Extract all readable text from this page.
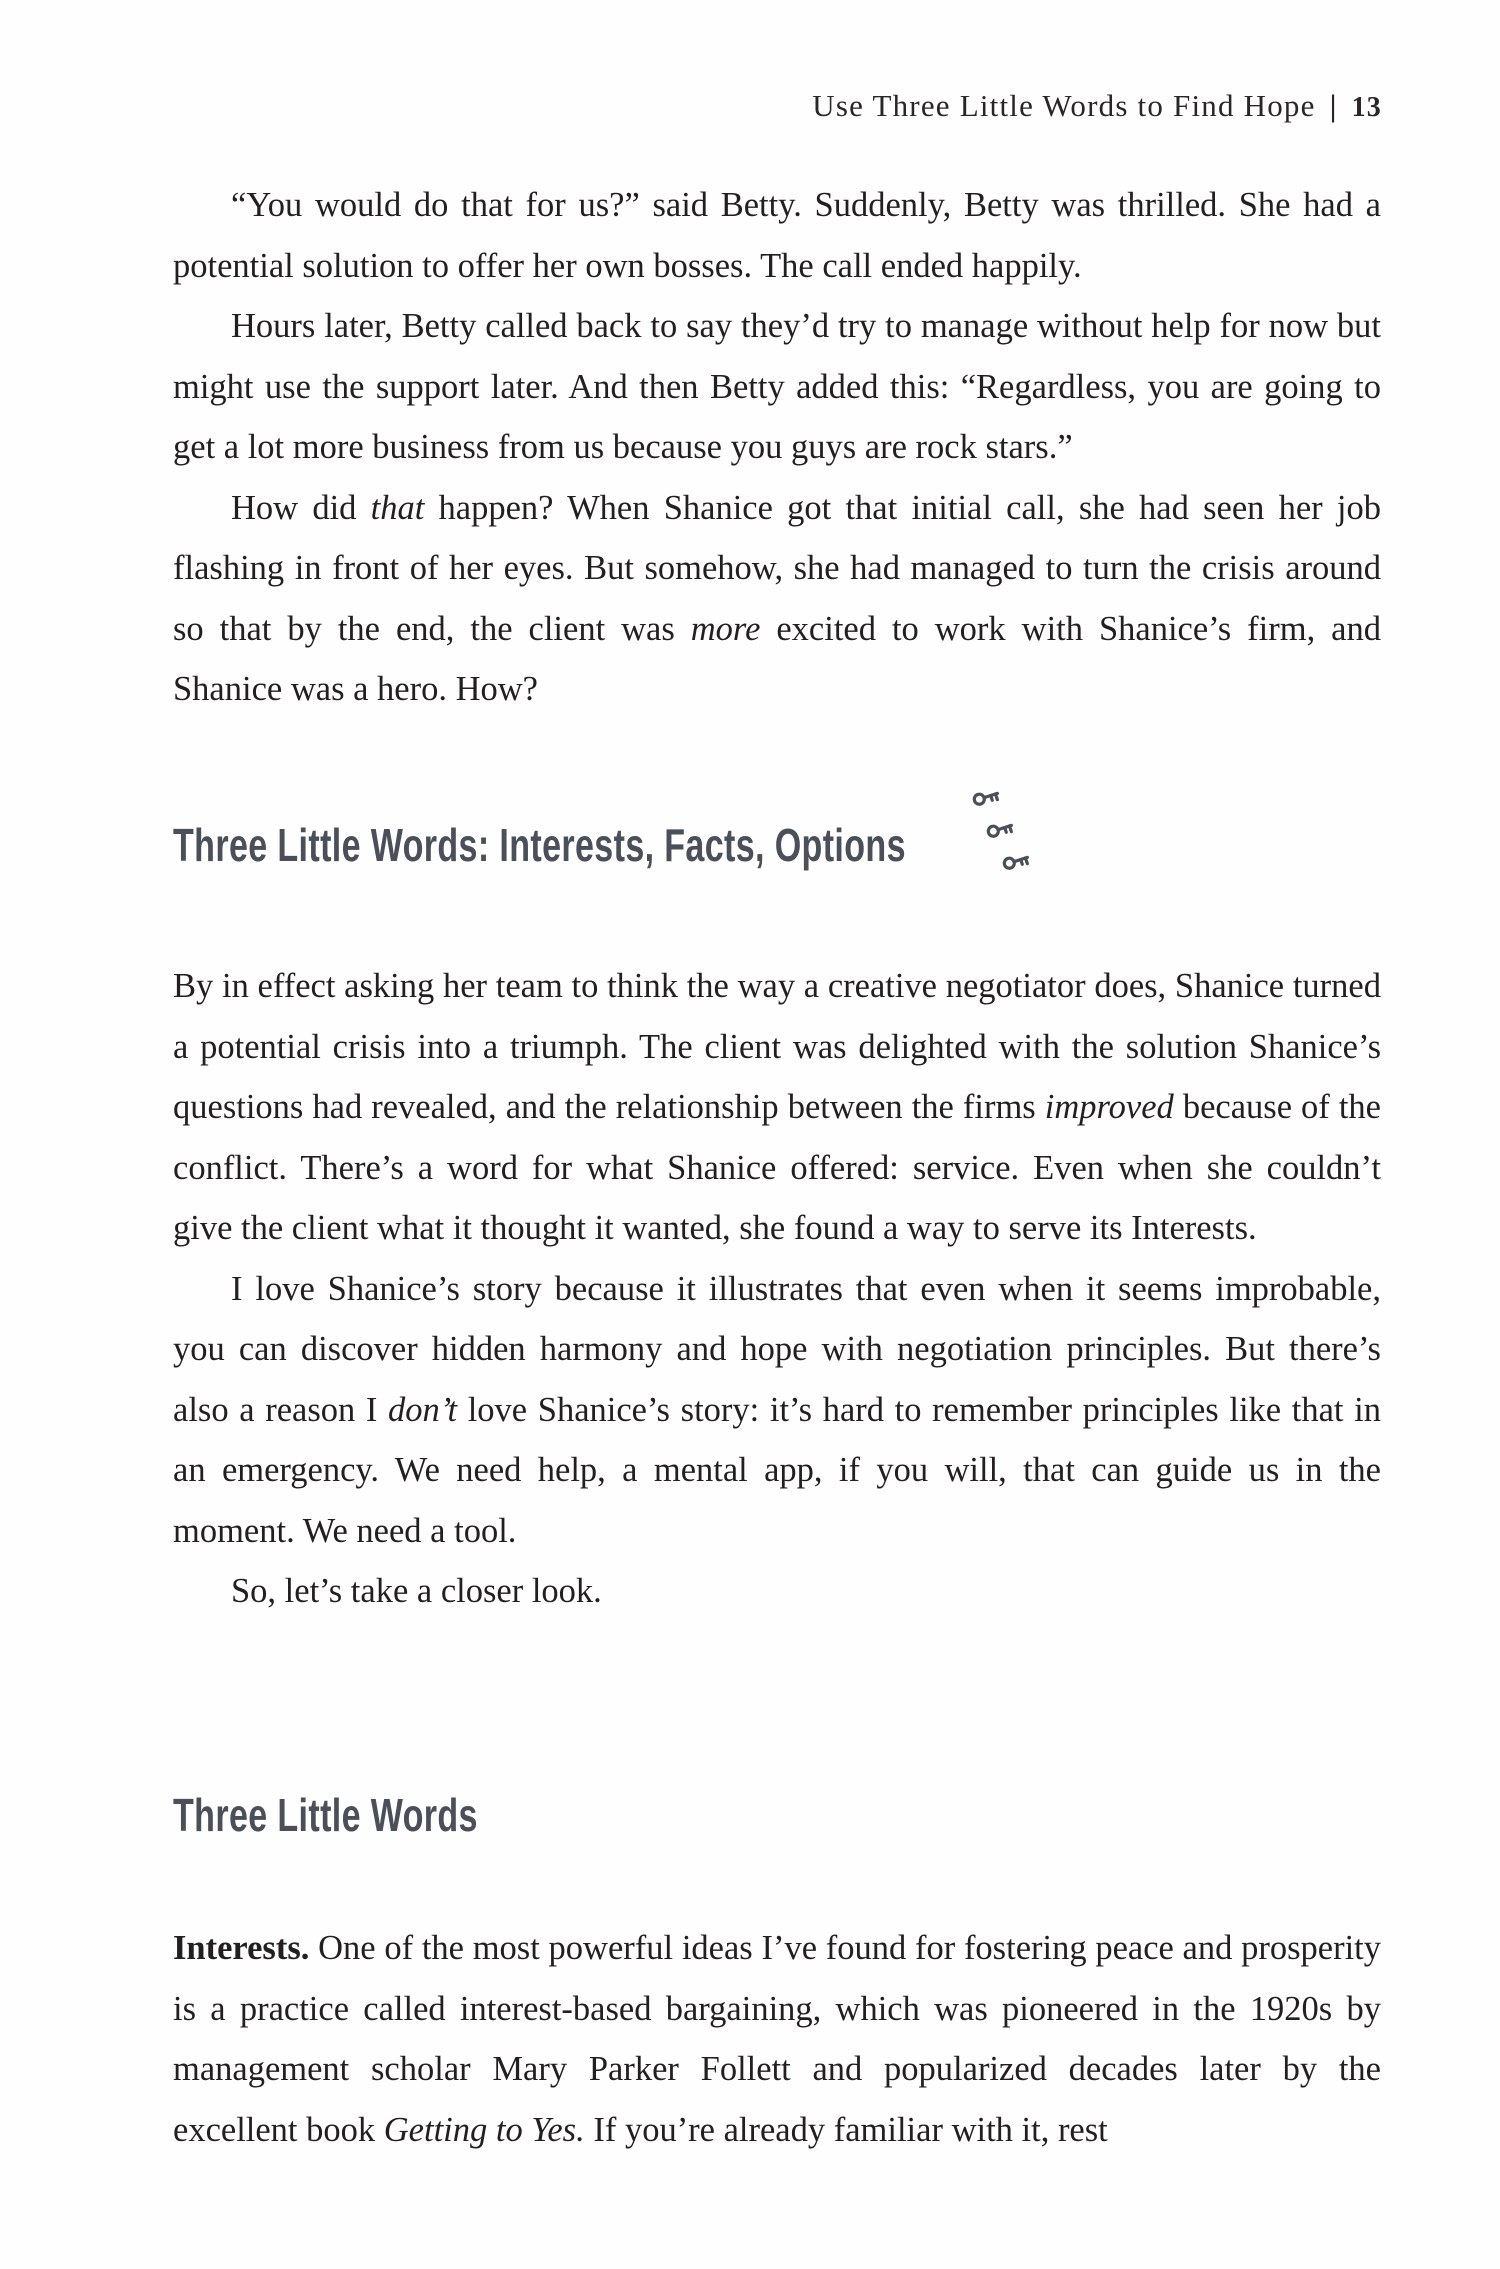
Use Three Little Words to Find Hope | 13

“You would do that for us?” said Betty. Suddenly, Betty was thrilled. She had a potential solution to offer her own bosses. The call ended happily.

Hours later, Betty called back to say they’d try to manage without help for now but might use the support later. And then Betty added this: “Regardless, you are going to get a lot more business from us because you guys are rock stars.”

How did that happen? When Shanice got that initial call, she had seen her job flashing in front of her eyes. But somehow, she had managed to turn the crisis around so that by the end, the client was more excited to work with Shanice’s firm, and Shanice was a hero. How?

Three Little Words: Interests, Facts, Options

By in effect asking her team to think the way a creative negotiator does, Shanice turned a potential crisis into a triumph. The client was delighted with the solution Shanice’s questions had revealed, and the relationship between the firms improved because of the conflict. There’s a word for what Shanice offered: service. Even when she couldn’t give the client what it thought it wanted, she found a way to serve its Interests.

I love Shanice’s story because it illustrates that even when it seems improbable, you can discover hidden harmony and hope with negotiation principles. But there’s also a reason I don’t love Shanice’s story: it’s hard to remember principles like that in an emergency. We need help, a mental app, if you will, that can guide us in the moment. We need a tool.

So, let’s take a closer look.

Three Little Words

Interests. One of the most powerful ideas I’ve found for fostering peace and prosperity is a practice called interest-based bargaining, which was pioneered in the 1920s by management scholar Mary Parker Follett and popularized decades later by the excellent book Getting to Yes. If you’re already familiar with it, rest
